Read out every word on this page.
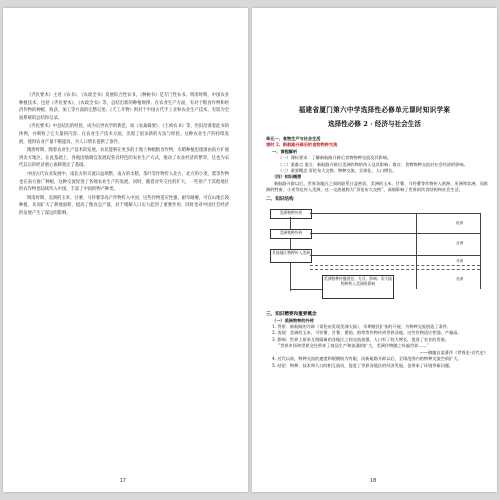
《齐民要术》主述《农书》、《农政全书》发展综合性农书。《种树书》是专门性农书。明清时期，中国农业种植技术，包括《齐民要术》、《农政全书》等，总结出新的种植规律。在农业生产方面，有对于粮食作物和经济作物的种植、收获、加工等方面的完整记述。《天工开物》则对于中国古代手工业和农业生产技术，有较为全面系统的总结和记录。

《齐民要术》中总结出的经验，成为后世农学的典范，如《农桑辑要》、《王祯农书》等，仍旧沿袭着此书的体例，并吸收了它大量的内容。在农业生产技术方面，出现了很多新的方法与经验。这种农业生产的持续发展，使得农业产量不断提高，为人口增长提供了条件。

隋唐时期，随着农业生产技术的发展，农民能够在更多的土地上种植粮食作物，水稻种植也逐渐由南方扩展到北方地区。在此基础上，各地因地制宜发展起各具特色的农业生产方式，推动了农业经济的繁荣，这也为宋代以后的经济重心南移奠定了基础。

中国古代农业发展中，南北方的交流日益频繁，南方的水稻、茶叶等作物传入北方，北方的小麦、粟等作物也在南方推广种植，这种交流促进了各地农业生产的发展。同时，随着对外交往的扩大，一些原产于其他地区的农作物也陆续传入中国，丰富了中国的物产种类。

明清时期，美洲的玉米、甘薯、马铃薯等高产作物传入中国，这些作物适应性强，耐旱耐瘠，可在山地丘陵种植，从而扩大了耕地面积，提高了粮食总产量，对于缓解人口压力起到了重要作用，同时也对中国社会经济的发展产生了深远的影响。

17
福建省厦门第六中学选择性必修单元课时知识学案
选择性必修 2 · 经济与社会生活
单元一、食物生产与社会生活
课时 2、新航路开辟后的食物物种交流
一、课程解析
（一）课标要求：了解新航路开辟后食物物种交流及其影响。
（二）重难点 重点：新航路开辟后美洲作物的传入及其影响；难点：食物物种交流对社会经济的影响。
（三）重要概念 哥伦布大交换、物种交流、全球化、人口增长。
（四）知识概要
新航路开辟以后，世界各地区之间的联系日益密切，美洲的玉米、甘薯、马铃薯等作物传入欧洲、亚洲和非洲，而欧洲的牲畜、小麦等也传入美洲，这一交流被称为“哥伦布大交换”，深刻影响了世界的饮食结构和社会生活。
二、知识结构
美洲物种外传
美洲物种外传
其他地区物种传入美洲
欧洲
亚洲
非洲
美洲
美洲物种传播途径、方式、影响；旧大陆物种传入美洲的影响
三、知识精要和重要概念
（一）美洲物种的外传
1. 背景：新航路的开辟（哥伦布发现美洲大陆），早期殖民扩张的开展，为物种交流创造了条件。
2. 表现：美洲的玉米、马铃薯、甘薯、番茄、烟草等作物传到世界各地，这些作物适应性强、产量高。
3. 影响：世界上原来互相隔离的各地区之间交流加强，人口有了较大增长，促进了农业的发展。
“世界市场和世界交往带来了商品生产和流通的扩大，美洲作物随之传遍世界……”
——摘编自某著作《世界史·近代史》
4. 近代以前，物种交流的速度和规模较为有限，而新航路开辟以后，全球范围内的物种交流空前扩大。
5. 结论：物种、技术和人口的相互流动，促进了世界各地区的经济发展，也带来了环境等新问题。
18
